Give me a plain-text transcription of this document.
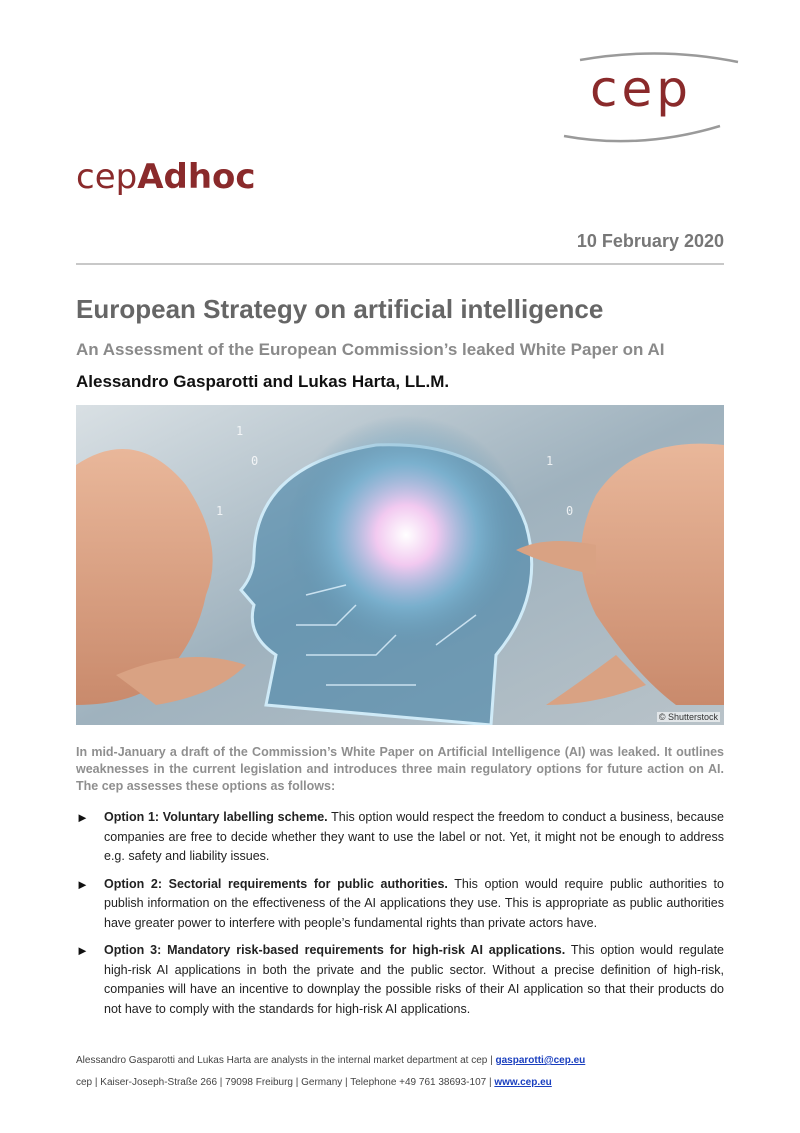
cep
cepAdhoc
10 February 2020
European Strategy on artificial intelligence
An Assessment of the European Commission’s leaked White Paper on AI
Alessandro Gasparotti and Lukas Harta, LL.M.
1
0	1
0
1
© Shutterstock
In mid-January a draft of the Commission’s White Paper on Artificial Intelligence (AI) was leaked. It outlines weaknesses in the current legislation and introduces three main regulatory options for future action on AI. The cep assesses these options as follows:
► Option 1: Voluntary labelling scheme. This option would respect the freedom to conduct a business, because companies are free to decide whether they want to use the label or not. Yet, it might not be enough to address e.g. safety and liability issues.
► Option 2: Sectorial requirements for public authorities. This option would require public authorities to publish information on the effectiveness of the AI applications they use. This is appropriate as public authorities have greater power to interfere with people’s fundamental rights than private actors have.
► Option 3: Mandatory risk-based requirements for high-risk AI applications. This option would regulate high-risk AI applications in both the private and the public sector. Without a precise definition of high-risk, companies will have an incentive to downplay the possible risks of their AI application so that their products do not have to comply with the standards for high-risk AI applications.
Alessandro Gasparotti and Lukas Harta are analysts in the internal market department at cep | gasparotti@cep.eu
cep | Kaiser-Joseph-Straße 266 | 79098 Freiburg | Germany | Telephone +49 761 38693-107 | www.cep.eu
